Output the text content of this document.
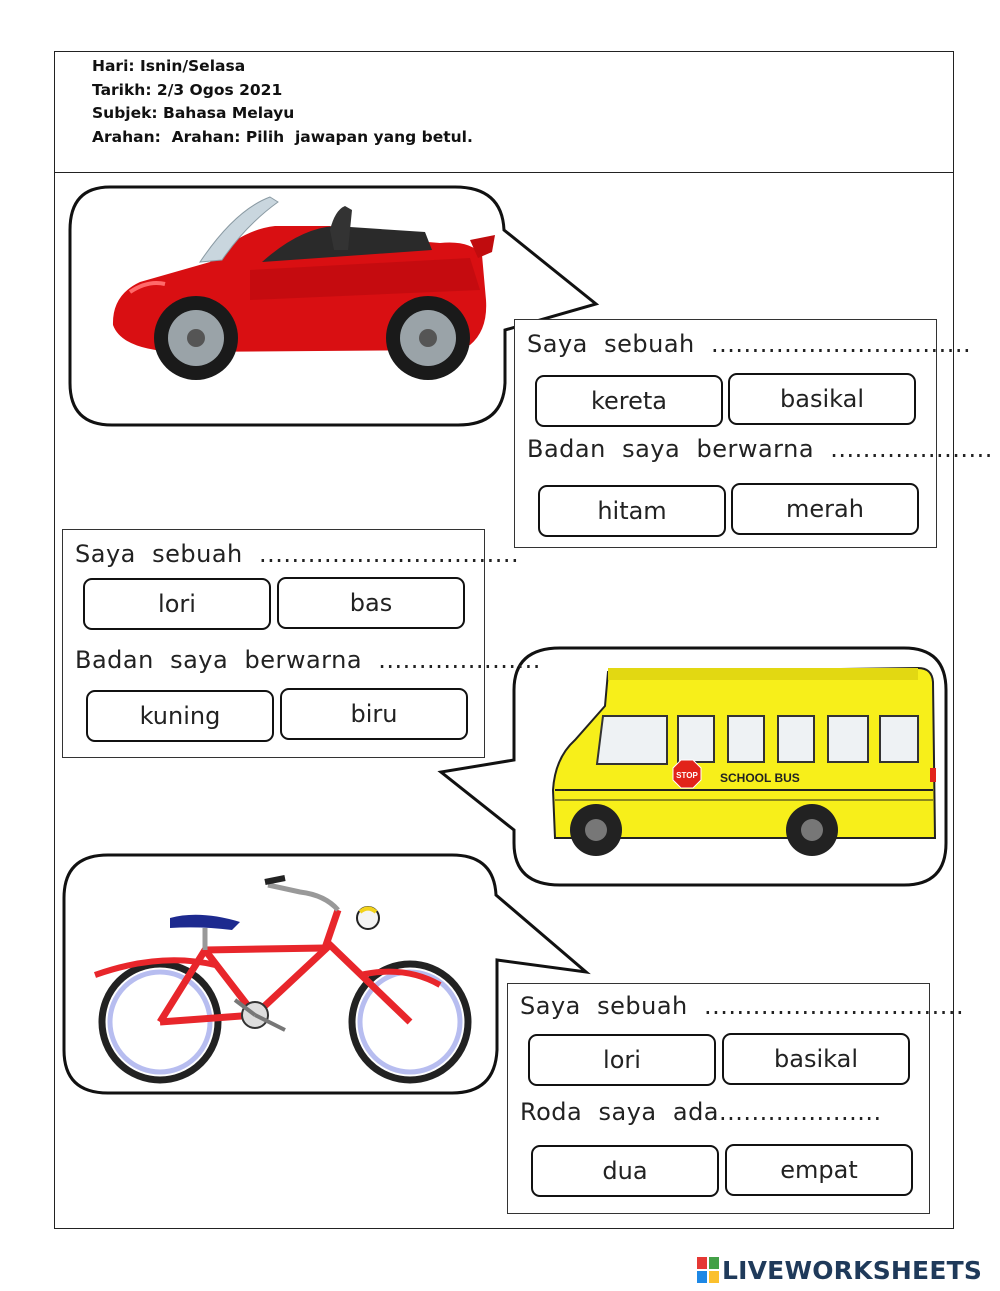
Hari: Isnin/Selasa
Tarikh: 2/3 Ogos 2021
Subjek: Bahasa Melayu
Arahan:  Arahan: Pilih  jawapan yang betul.
STOP SCHOOL BUS
Saya  sebuah  ................................
kereta	basikal
Badan  saya  berwarna  ....................
hitam	merah
Saya  sebuah  ................................
lori	bas
Badan  saya  berwarna  ....................
kuning	biru
Saya  sebuah  ................................
lori	basikal
Roda  saya  ada....................
dua	empat
LIVEWORKSHEETS
